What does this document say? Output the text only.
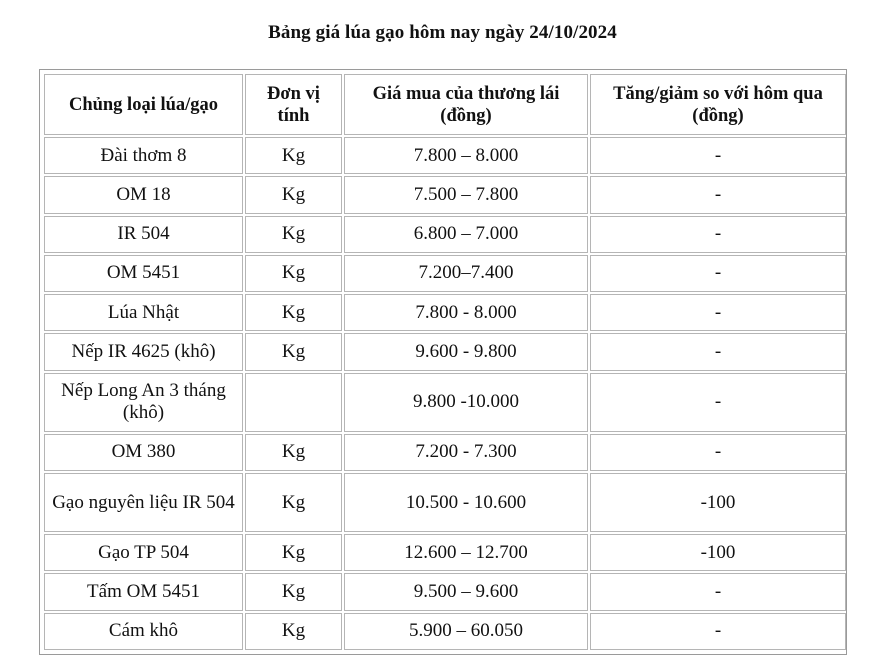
Bảng giá lúa gạo hôm nay ngày 24/10/2024
Chủng loại lúa/gạo	Đơn vị tính	Giá mua của thương lái (đồng)	Tăng/giảm so với hôm qua (đồng)
Đài thơm 8	Kg	7.800 – 8.000	-
OM 18	Kg	7.500 – 7.800	-
IR 504	Kg	6.800 – 7.000	-
OM 5451	Kg	7.200–7.400	-
Lúa Nhật	Kg	7.800 - 8.000	-
Nếp IR 4625 (khô)	Kg	9.600 - 9.800	-
Nếp Long An 3 tháng (khô)		9.800 -10.000	-
OM 380	Kg	7.200 - 7.300	-
Gạo nguyên liệu IR 504	Kg	10.500 - 10.600	-100
Gạo TP 504	Kg	12.600 – 12.700	-100
Tấm OM 5451	Kg	9.500 – 9.600	-
Cám khô	Kg	5.900 – 60.050	-
